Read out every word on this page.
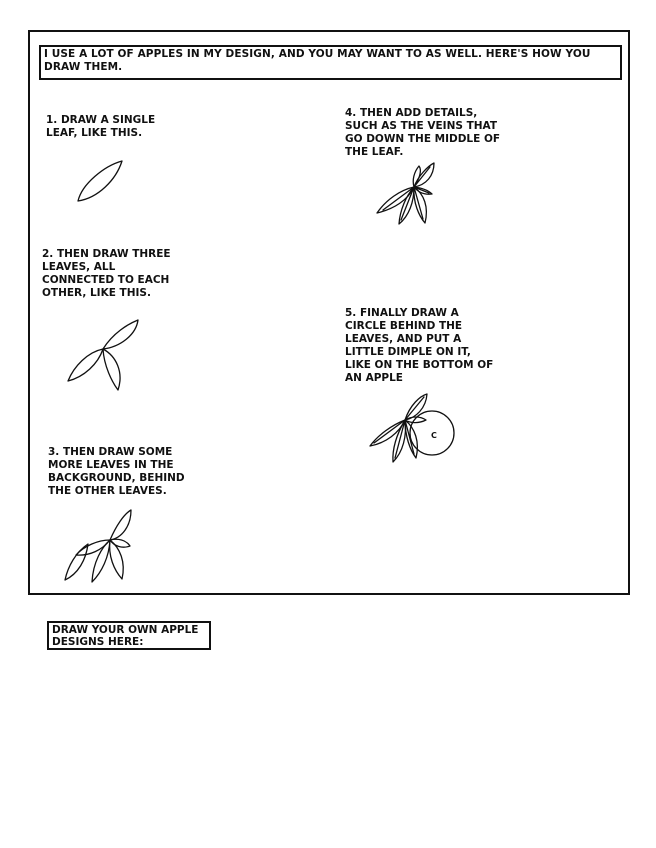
I USE A LOT OF APPLES IN MY DESIGN, AND YOU MAY WANT TO AS WELL. HERE'S HOW YOU DRAW THEM.
1. DRAW A SINGLE LEAF, LIKE THIS.
2. THEN DRAW THREE LEAVES, ALL CONNECTED TO EACH OTHER, LIKE THIS.
3. THEN DRAW SOME MORE LEAVES IN THE BACKGROUND, BEHIND THE OTHER LEAVES.
4. THEN ADD DETAILS, SUCH AS THE VEINS THAT GO DOWN THE MIDDLE OF THE LEAF.
5. FINALLY DRAW A CIRCLE BEHIND THE LEAVES, AND PUT A LITTLE DIMPLE ON IT, LIKE ON THE BOTTOM OF AN APPLE
C
DRAW YOUR OWN APPLE DESIGNS HERE:
